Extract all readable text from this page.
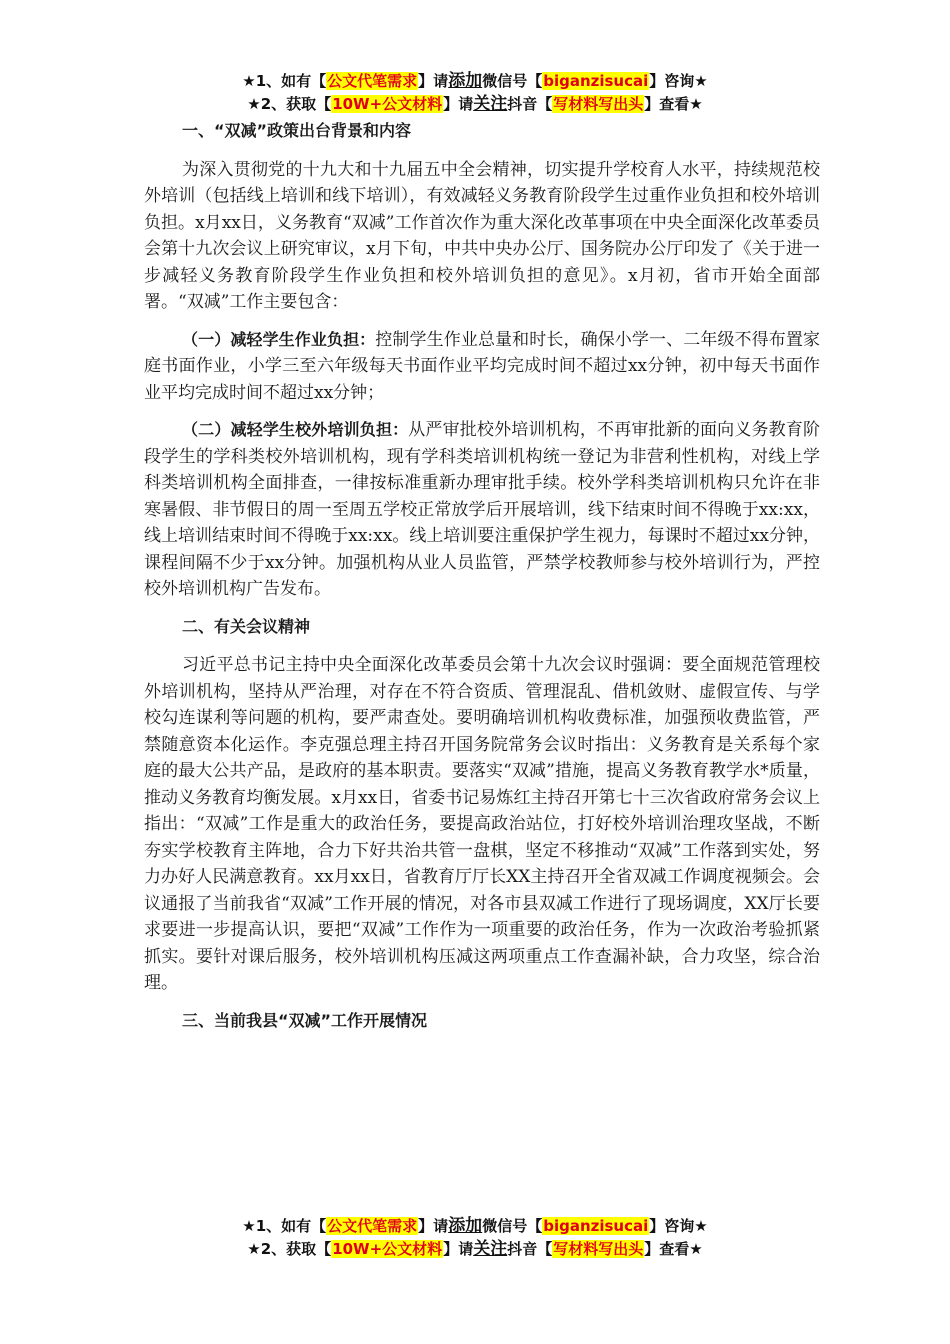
★1、如有【公文代笔需求】请添加微信号【biganzisucai】咨询★
★2、获取【10W+公文材料】请关注抖音【写材料写出头】查看★
一、“双减”政策出台背景和内容

为深入贯彻党的十九大和十九届五中全会精神，切实提升学校育人水平，持续规范校外培训（包括线上培训和线下培训），有效减轻义务教育阶段学生过重作业负担和校外培训负担。x月xx日，义务教育“双减”工作首次作为重大深化改革事项在中央全面深化改革委员会第十九次会议上研究审议，x月下旬，中共中央办公厅、国务院办公厅印发了《关于进一步减轻义务教育阶段学生作业负担和校外培训负担的意见》。x月初，省市开始全面部署。“双减”工作主要包含：

（一）减轻学生作业负担：控制学生作业总量和时长，确保小学一、二年级不得布置家庭书面作业，小学三至六年级每天书面作业平均完成时间不超过xx分钟，初中每天书面作业平均完成时间不超过xx分钟；

（二）减轻学生校外培训负担：从严审批校外培训机构，不再审批新的面向义务教育阶段学生的学科类校外培训机构，现有学科类培训机构统一登记为非营利性机构，对线上学科类培训机构全面排查，一律按标准重新办理审批手续。校外学科类培训机构只允许在非寒暑假、非节假日的周一至周五学校正常放学后开展培训，线下结束时间不得晚于xx:xx，线上培训结束时间不得晚于xx:xx。线上培训要注重保护学生视力，每课时不超过xx分钟，课程间隔不少于xx分钟。加强机构从业人员监管，严禁学校教师参与校外培训行为，严控校外培训机构广告发布。

二、有关会议精神

习近平总书记主持中央全面深化改革委员会第十九次会议时强调：要全面规范管理校外培训机构，坚持从严治理，对存在不符合资质、管理混乱、借机敛财、虚假宣传、与学校勾连谋利等问题的机构，要严肃查处。要明确培训机构收费标准，加强预收费监管，严禁随意资本化运作。李克强总理主持召开国务院常务会议时指出：义务教育是关系每个家庭的最大公共产品，是政府的基本职责。要落实“双减”措施，提高义务教育教学水*质量，推动义务教育均衡发展。x月xx日，省委书记易炼红主持召开第七十三次省政府常务会议上指出：“双减”工作是重大的政治任务，要提高政治站位，打好校外培训治理攻坚战，不断夯实学校教育主阵地，合力下好共治共管一盘棋，坚定不移推动“双减”工作落到实处，努力办好人民满意教育。xx月xx日，省教育厅厅长XX主持召开全省双减工作调度视频会。会议通报了当前我省“双减”工作开展的情况，对各市县双减工作进行了现场调度，XX厅长要求要进一步提高认识，要把“双减”工作作为一项重要的政治任务，作为一次政治考验抓紧抓实。要针对课后服务，校外培训机构压减这两项重点工作查漏补缺，合力攻坚，综合治理。

三、当前我县“双减”工作开展情况
★1、如有【公文代笔需求】请添加微信号【biganzisucai】咨询★
★2、获取【10W+公文材料】请关注抖音【写材料写出头】查看★
